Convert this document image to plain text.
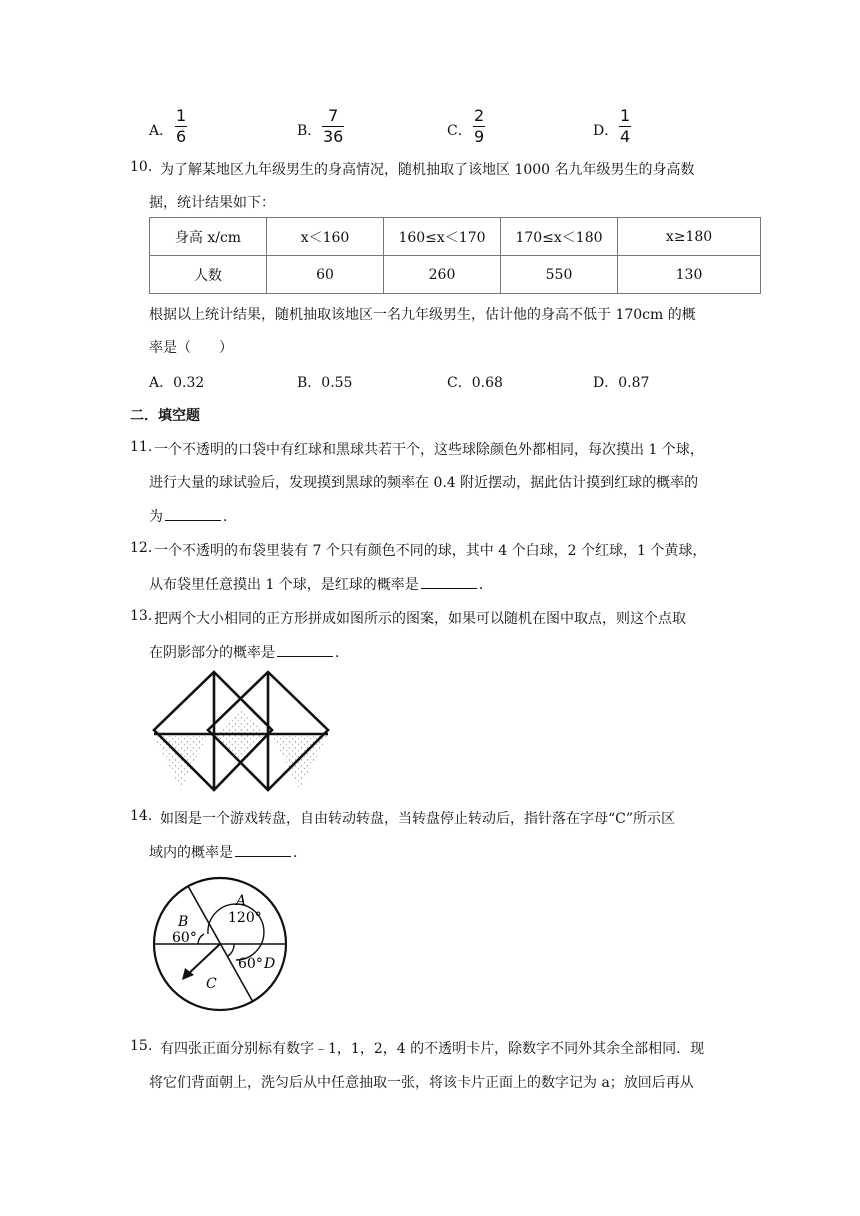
A．
1
6	B．
7
36	C．
2
9	D．
1
4
10. 为了解某地区九年级男生的身高情况，随机抽取了该地区 1000 名九年级男生的身高数
据，统计结果如下：
身高 x/cm	x＜160	160≤x＜170	170≤x＜180	x≥180
人数	60	260	550	130
根据以上统计结果，随机抽取该地区一名九年级男生，估计他的身高不低于 170cm 的概
率是（　　）
A．0.32	B．0.55	C．0.68	D．0.87
二．填空题
11. 一个不透明的口袋中有红球和黑球共若干个，这些球除颜色外都相同，每次摸出 1 个球，
进行大量的球试验后，发现摸到黑球的频率在 0.4 附近摆动，据此估计摸到红球的概率的
为	．
12. 一个不透明的布袋里装有 7 个只有颜色不同的球，其中 4 个白球，2 个红球，1 个黄球，
从布袋里任意摸出 1 个球，是红球的概率是	．
13. 把两个大小相同的正方形拼成如图所示的图案，如果可以随机在图中取点，则这个点取
在阴影部分的概率是	．
14. 如图是一个游戏转盘，自由转动转盘，当转盘停止转动后，指针落在字母“C”所示区
域内的概率是	．
A
120°
B
60°
60° D
C
15. 有四张正面分别标有数字﹣1，1，2，4 的不透明卡片，除数字不同外其余全部相同．现
将它们背面朝上，洗匀后从中任意抽取一张，将该卡片正面上的数字记为 a；放回后再从
